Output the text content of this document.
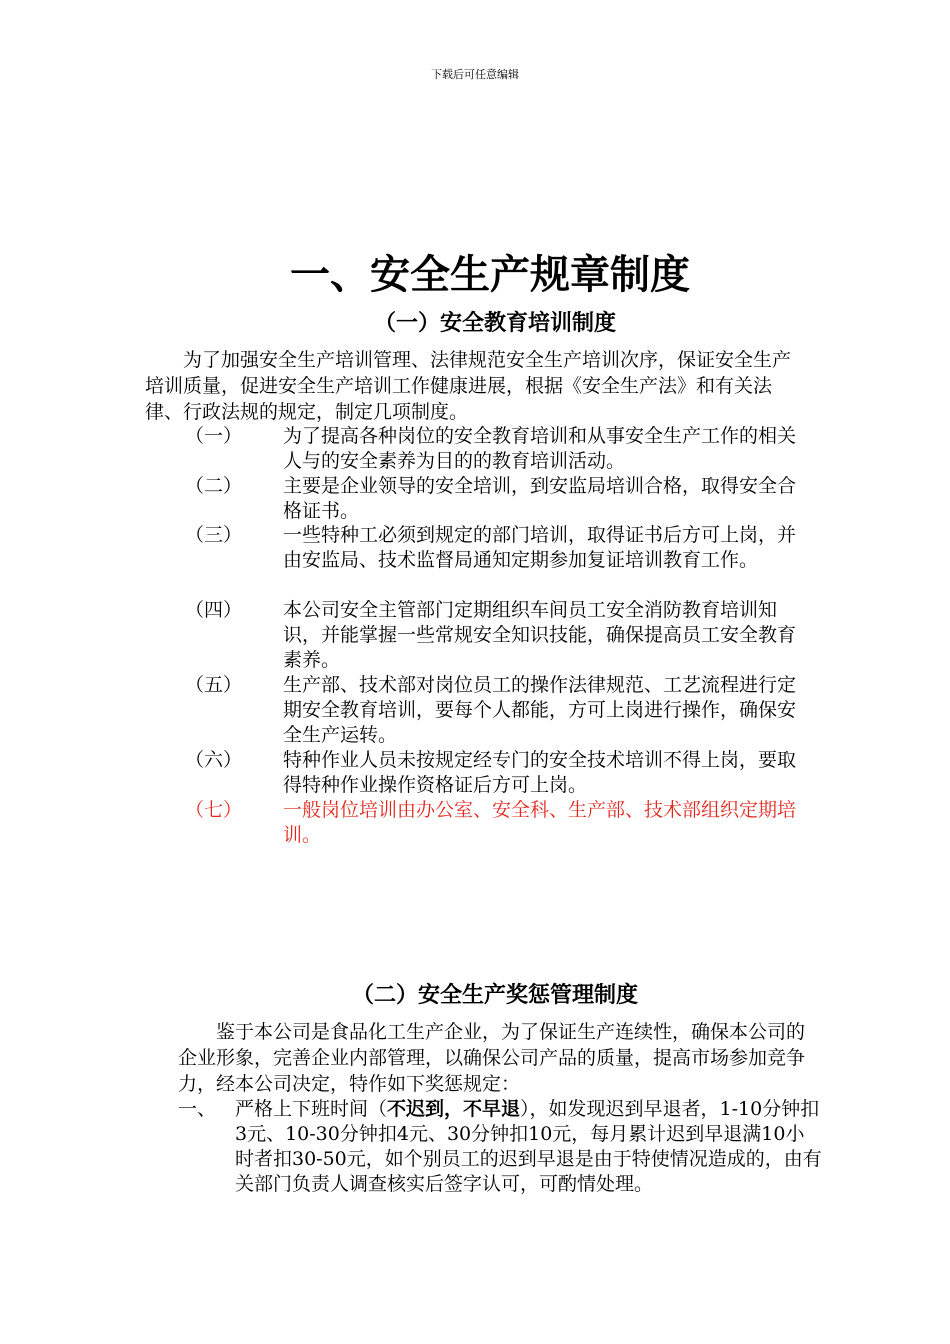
下载后可任意编辑
一、安全生产规章制度
（一）安全教育培训制度

为了加强安全生产培训管理、法律规范安全生产培训次序，保证安全生产培训质量，促进安全生产培训工作健康进展，根据《安全生产法》和有关法律、行政法规的规定，制定几项制度。

（一） 为了提高各种岗位的安全教育培训和从事安全生产工作的相关人与的安全素养为目的的教育培训活动。
（二） 主要是企业领导的安全培训，到安监局培训合格，取得安全合格证书。
（三） 一些特种工必须到规定的部门培训，取得证书后方可上岗，并由安监局、技术监督局通知定期参加复证培训教育工作。
（四） 本公司安全主管部门定期组织车间员工安全消防教育培训知识，并能掌握一些常规安全知识技能，确保提高员工安全教育素养。
（五） 生产部、技术部对岗位员工的操作法律规范、工艺流程进行定期安全教育培训，要每个人都能，方可上岗进行操作，确保安全生产运转。
（六） 特种作业人员未按规定经专门的安全技术培训不得上岗，要取得特种作业操作资格证后方可上岗。
（七） 一般岗位培训由办公室、安全科、生产部、技术部组织定期培训。
（二）安全生产奖惩管理制度

鉴于本公司是食品化工生产企业，为了保证生产连续性，确保本公司的企业形象，完善企业内部管理，以确保公司产品的质量，提高市场参加竞争力，经本公司决定，特作如下奖惩规定：

一、 严格上下班时间（不迟到，不早退），如发现迟到早退者，1-10分钟扣3元、10-30分钟扣4元、30分钟扣10元，每月累计迟到早退满10小时者扣30-50元，如个别员工的迟到早退是由于特使情况造成的，由有关部门负责人调查核实后签字认可，可酌情处理。
